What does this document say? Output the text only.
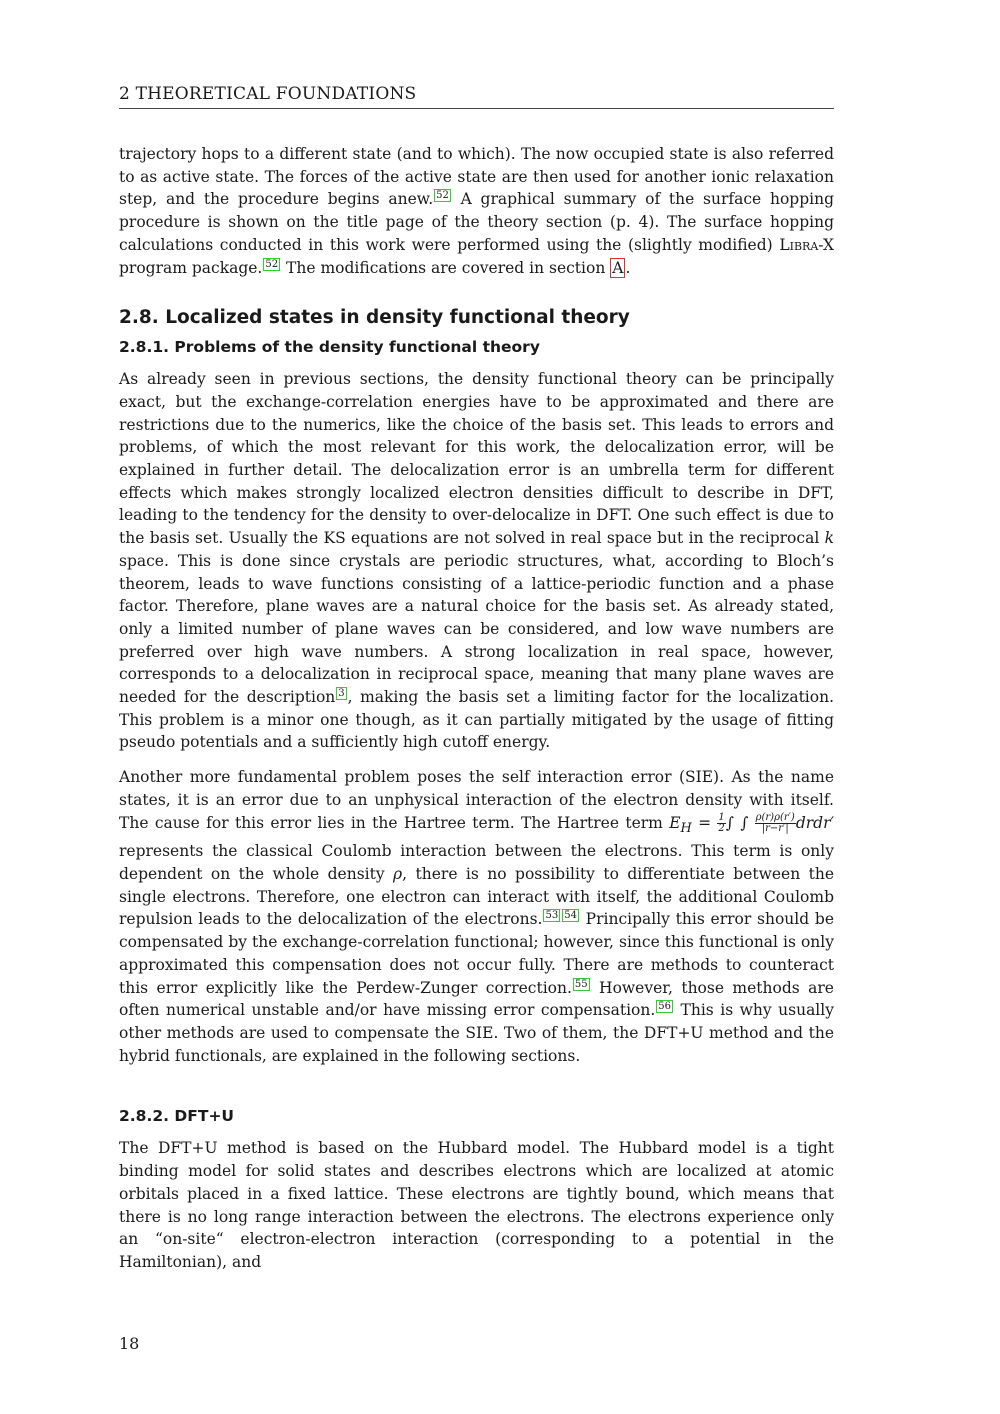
2 THEORETICAL FOUNDATIONS

trajectory hops to a different state (and to which). The now occupied state is also referred to as active state. The forces of the active state are then used for another ionic relaxation step, and the procedure begins anew. 52 A graphical summary of the surface hopping procedure is shown on the title page of the theory section (p. 4). The surface hopping calculations conducted in this work were performed using the (slightly modified) Libra-X program package. 52 The modifications are covered in section A .

2.8. Localized states in density functional theory
2.8.1. Problems of the density functional theory

As already seen in previous sections, the density functional theory can be principally exact, but the exchange-correlation energies have to be approximated and there are restrictions due to the numerics, like the choice of the basis set. This leads to errors and problems, of which the most relevant for this work, the delocalization error, will be explained in further detail. The delocalization error is an umbrella term for different effects which makes strongly localized electron densities difficult to describe in DFT, leading to the tendency for the density to over-delocalize in DFT. One such effect is due to the basis set. Usually the KS equations are not solved in real space but in the reciprocal k space. This is done since crystals are periodic structures, what, according to Bloch’s theorem, leads to wave functions consisting of a lattice-periodic function and a phase factor. Therefore, plane waves are a natural choice for the basis set. As already stated, only a limited number of plane waves can be considered, and low wave numbers are preferred over high wave numbers. A strong localization in real space, however, corresponds to a delocalization in reciprocal space, meaning that many plane waves are needed for the description 3 , making the basis set a limiting factor for the localization. This problem is a minor one though, as it can partially mitigated by the usage of fitting pseudo potentials and a sufficiently high cutoff energy.

Another more fundamental problem poses the self interaction error (SIE). As the name states, it is an error due to an unphysical interaction of the electron density with itself. The cause for this error lies in the Hartree term. The Hartree term $E_H = \frac{1}{2}$ ∫ ∫ $\frac{\rho(r)\rho(r')}{|r-r'|}$ drdr′ represents the classical Coulomb interaction between the electrons. This term is only dependent on the whole density ρ, there is no possibility to differentiate between the single electrons. Therefore, one electron can interact with itself, the additional Coulomb repulsion leads to the delocalization of the electrons. 53 54 Principally this error should be compensated by the exchange-correlation functional; however, since this functional is only approximated this compensation does not occur fully. There are methods to counteract this error explicitly like the Perdew-Zunger correction. 55 However, those methods are often numerical unstable and/or have missing error compensation. 56 This is why usually other methods are used to compensate the SIE. Two of them, the DFT+U method and the hybrid functionals, are explained in the following sections.

2.8.2. DFT+U

The DFT+U method is based on the Hubbard model. The Hubbard model is a tight binding model for solid states and describes electrons which are localized at atomic orbitals placed in a fixed lattice. These electrons are tightly bound, which means that there is no long range interaction between the electrons. The electrons experience only an “on-site“ electron-electron interaction (corresponding to a potential in the Hamiltonian), and

18
